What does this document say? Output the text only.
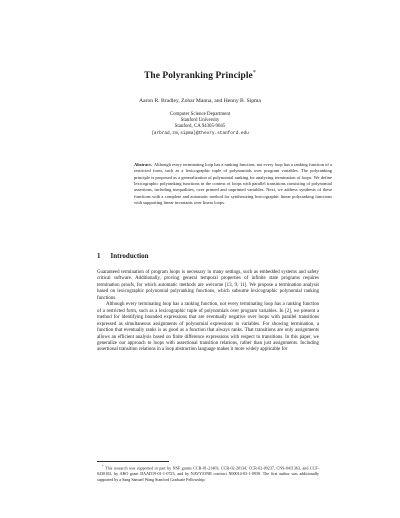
The Polyranking Principle*
Aaron R. Bradley, Zohar Manna, and Henny B. Sipma
Computer Science Department
Stanford University
Stanford, CA 94305-9045
{arbrad,zm,sipma}@theory.stanford.edu

Abstract. Although every terminating loop has a ranking function, not every loop has a ranking function of a restricted form, such as a lexicographic tuple of polynomials over program variables. The polyranking principle is proposed as a generalization of polynomial ranking for analyzing termination of loops. We define lexicographic polyranking functions in the context of loops with parallel transitions consisting of polynomial assertions, including inequalities, over primed and unprimed variables. Next, we address synthesis of these functions with a complete and automatic method for synthesizing lexicographic linear polyranking functions with supporting linear invariants over linear loops.

1 Introduction

Guaranteed termination of program loops is necessary in many settings, such as embedded systems and safety critical software. Additionally, proving general temporal properties of infinite state programs requires termination proofs, for which automatic methods are welcome [13, 9, 11]. We propose a termination analysis based on lexicographic polynomial polyranking functions, which subsume lexicographic polynomial ranking functions.

Although every terminating loop has a ranking function, not every terminating loop has a ranking function of a restricted form, such as a lexicographic tuple of polynomials over program variables. In [2], we present a method for identifying bounded expressions that are eventually negative over loops with parallel transitions expressed as simultaneous assignments of polynomial expressions to variables. For showing termination, a function that eventually ranks is as good as a function that always ranks. That transitions are only assignments allows an efficient analysis based on finite difference expressions with respect to transitions. In this paper, we generalize our approach to loops with assertional transition relations, rather than just assignments. Including assertional transition relations in a loop abstraction language makes it more widely applicable for

* This research was supported in part by NSF grants CCR-01-21403, CCR-02-20134, CCR-02-09237, CNS-0411363, and CCF-0430102, by ARO grant DAAD19-01-1-0723, and by NAVY/ONR contract N00014-03-1-0939. The first author was additionally supported by a Sang Samuel Wang Stanford Graduate Fellowship.
